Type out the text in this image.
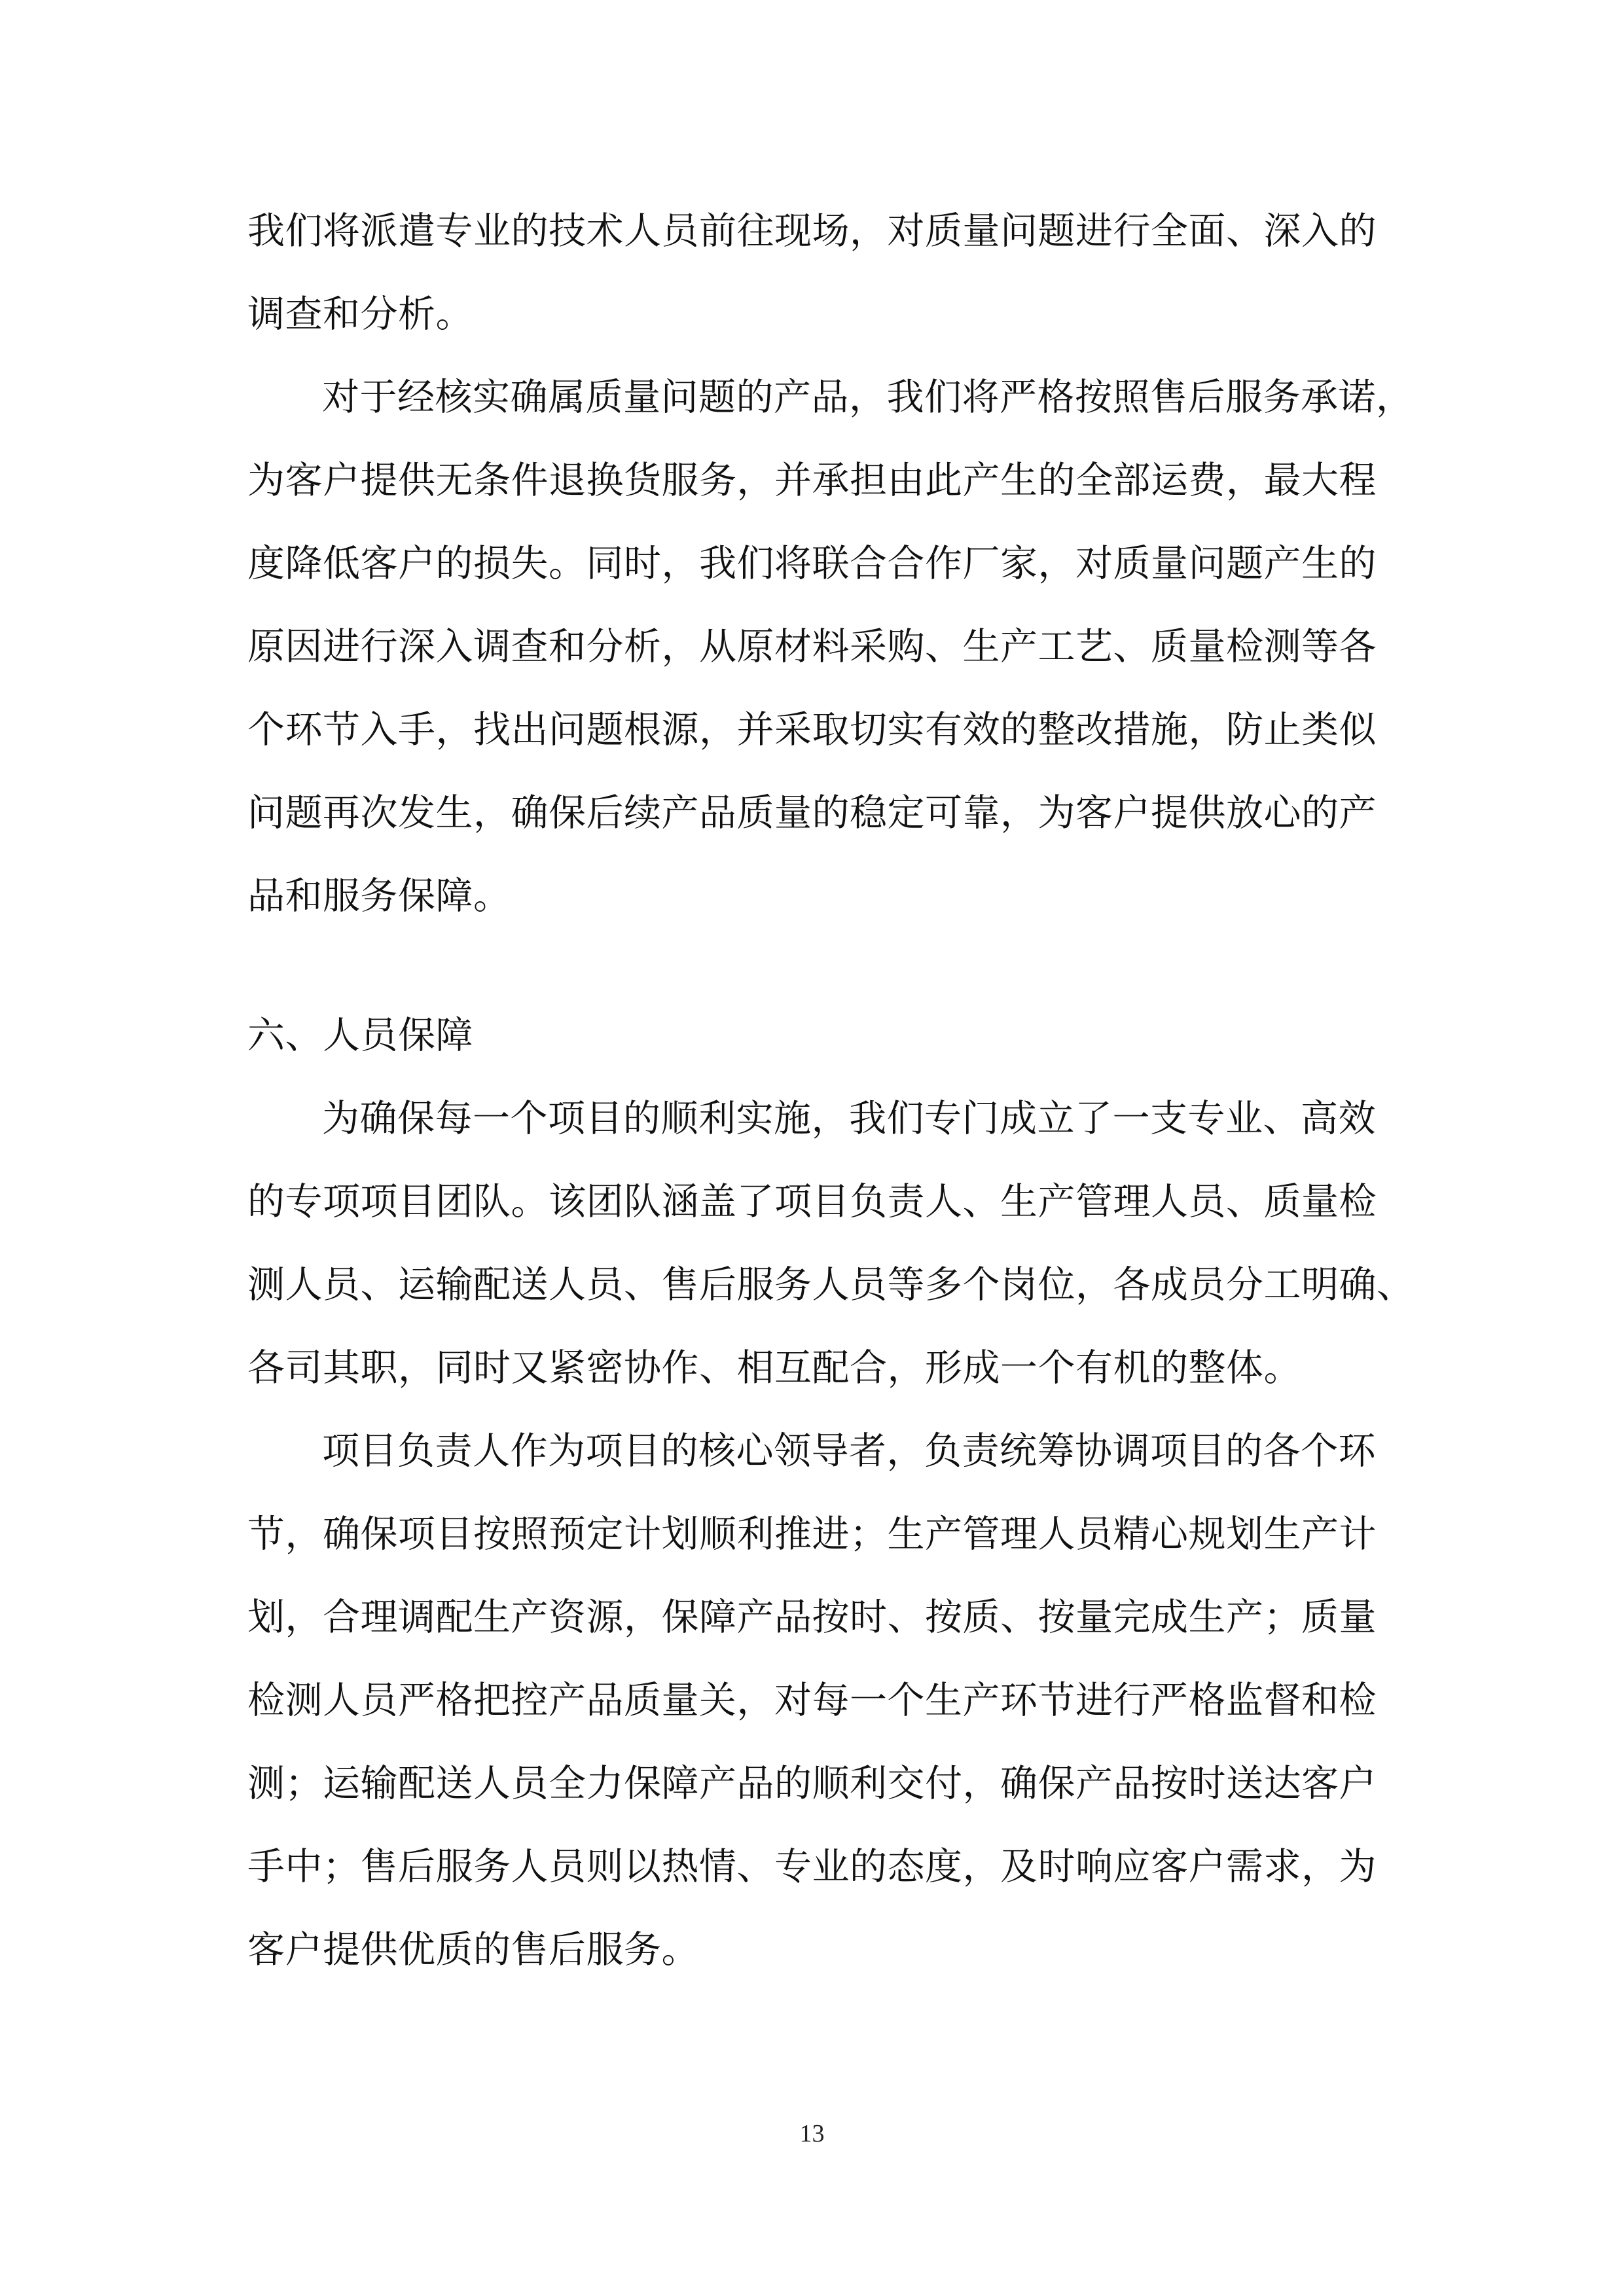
我们将派遣专业的技术人员前往现场，对质量问题进行全面、深入的
调查和分析。
对于经核实确属质量问题的产品，我们将严格按照售后服务承诺，
为客户提供无条件退换货服务，并承担由此产生的全部运费，最大程
度降低客户的损失。同时，我们将联合合作厂家，对质量问题产生的
原因进行深入调查和分析，从原材料采购、生产工艺、质量检测等各
个环节入手，找出问题根源，并采取切实有效的整改措施，防止类似
问题再次发生，确保后续产品质量的稳定可靠，为客户提供放心的产
品和服务保障。
六、人员保障
为确保每一个项目的顺利实施，我们专门成立了一支专业、高效
的专项项目团队。该团队涵盖了项目负责人、生产管理人员、质量检
测人员、运输配送人员、售后服务人员等多个岗位，各成员分工明确、
各司其职，同时又紧密协作、相互配合，形成一个有机的整体。
项目负责人作为项目的核心领导者，负责统筹协调项目的各个环
节，确保项目按照预定计划顺利推进；生产管理人员精心规划生产计
划，合理调配生产资源，保障产品按时、按质、按量完成生产；质量
检测人员严格把控产品质量关，对每一个生产环节进行严格监督和检
测；运输配送人员全力保障产品的顺利交付，确保产品按时送达客户
手中；售后服务人员则以热情、专业的态度，及时响应客户需求，为
客户提供优质的售后服务。
13
